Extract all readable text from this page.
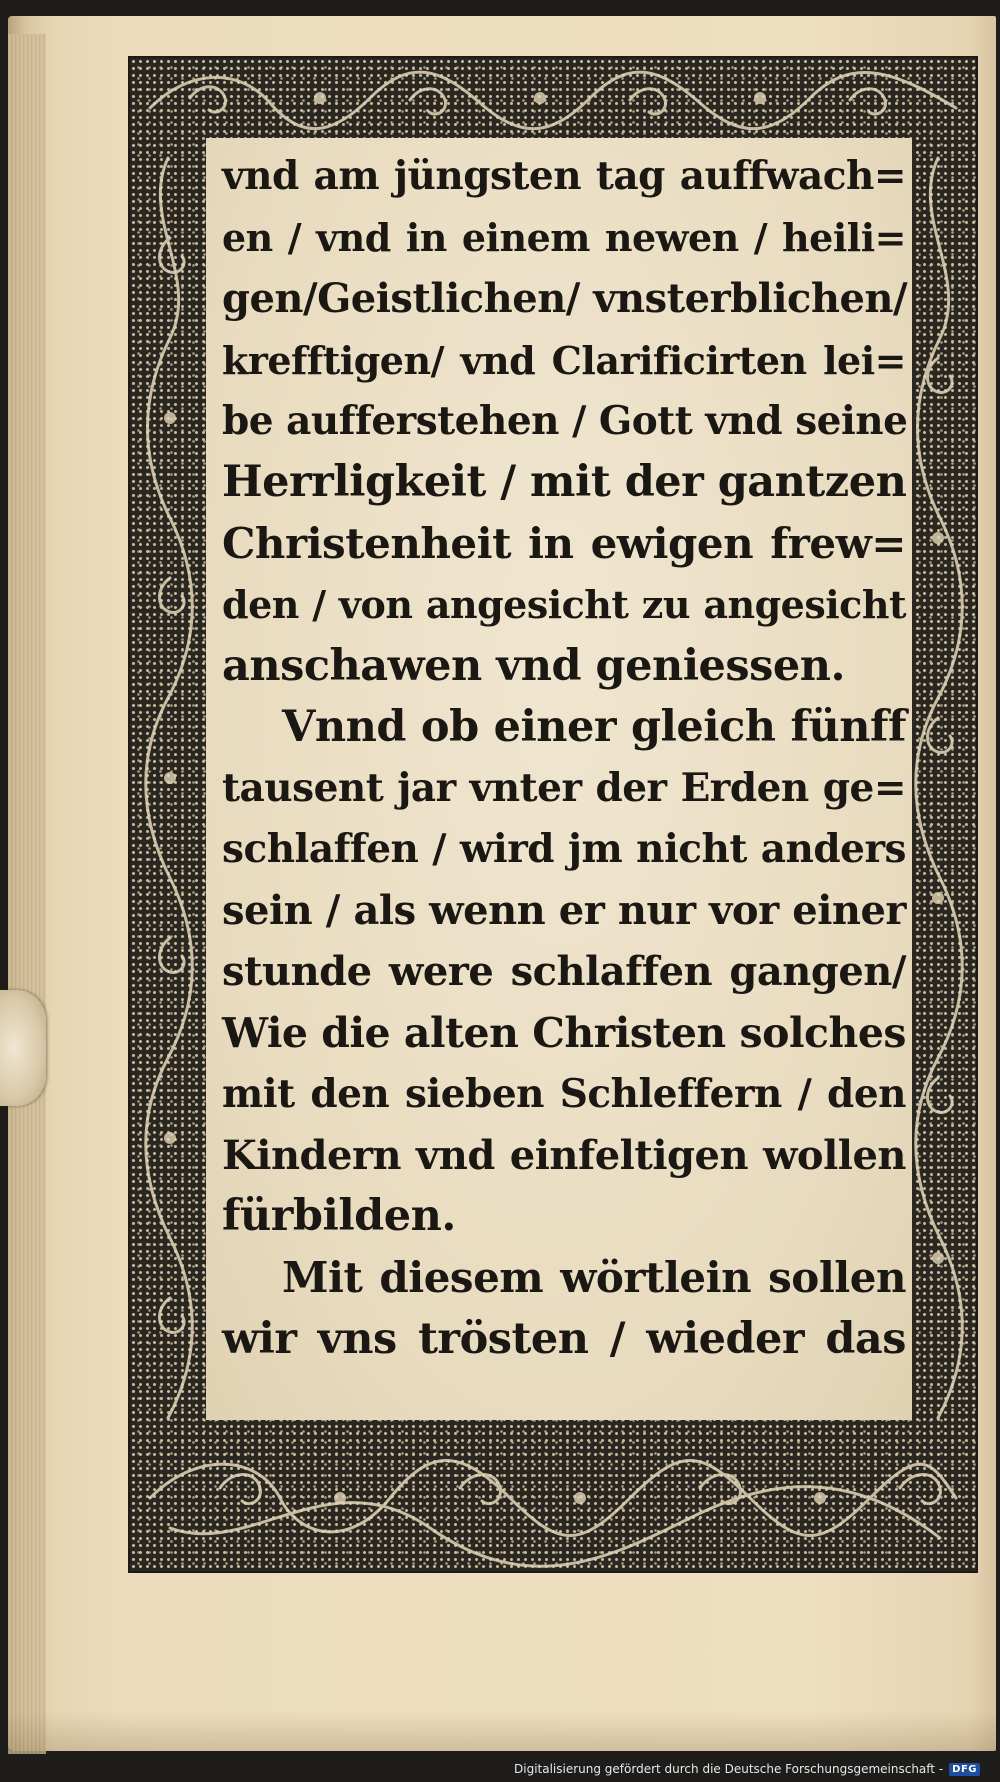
vnd am jüngsten tag auffwach=
en / vnd in einem newen / heili=
gen/Geistlichen/ vnsterblichen/
krefftigen/ vnd Clarificirten lei=
be aufferstehen / Gott vnd seine
Herrligkeit / mit der gantzen
Christenheit in ewigen frew=
den / von angesicht zu angesicht
anschawen vnd geniessen.
Vnnd ob einer gleich fünff
tausent jar vnter der Erden ge=
schlaffen / wird jm nicht anders
sein / als wenn er nur vor einer
stunde were schlaffen gangen/
Wie die alten Christen solches
mit den sieben Schleffern / den
Kindern vnd einfeltigen wollen
fürbilden.
Mit diesem wörtlein sollen
wir vns trösten / wieder das
Digitalisierung gefördert durch die Deutsche Forschungsgemeinschaft - DFG
